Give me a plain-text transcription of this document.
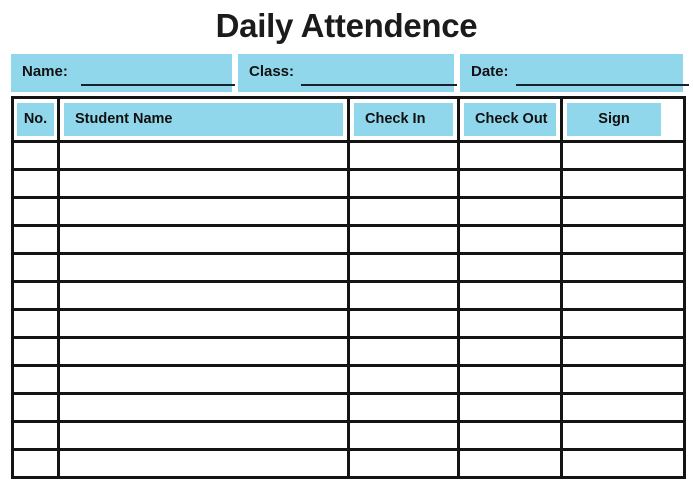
Daily Attendence
Name:	Class:	Date:
No.	Student Name	Check In	Check Out	Sign
